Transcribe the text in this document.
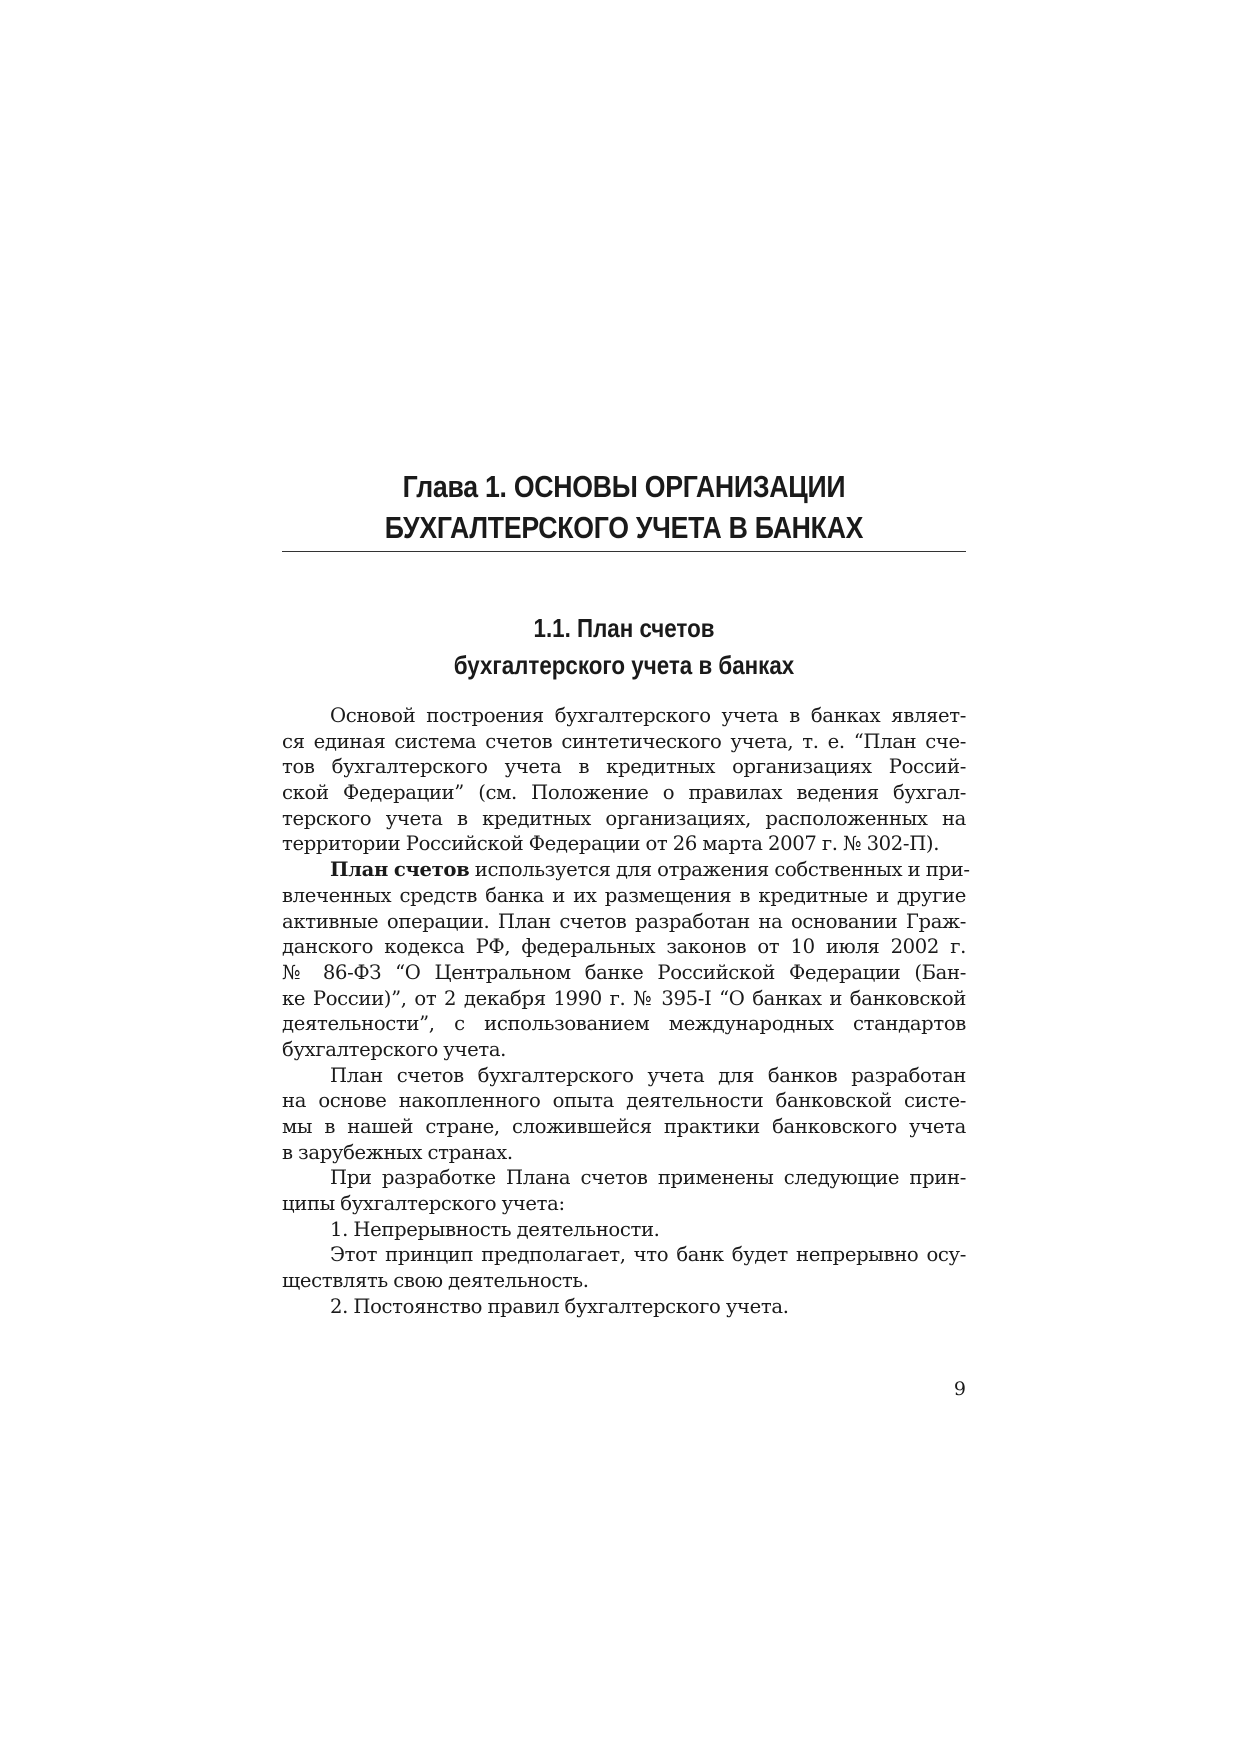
Глава 1. ОСНОВЫ ОРГАНИЗАЦИИ
БУХГАЛТЕРСКОГО УЧЕТА В БАНКАХ
1.1. План счетов
бухгалтерского учета в банках
Основой построения бухгалтерского учета в банках являет-
ся единая система счетов синтетического учета, т. е. “План сче-
тов бухгалтерского учета в кредитных организациях Россий-
ской Федерации” (см. Положение о правилах ведения бухгал-
терского учета в кредитных организациях, расположенных на
территории Российской Федерации от 26 марта 2007 г. № 302-П).
План счетов используется для отражения собственных и при-
влеченных средств банка и их размещения в кредитные и другие
активные операции. План счетов разработан на основании Граж-
данского кодекса РФ, федеральных законов от 10 июля 2002 г.
№ 86-ФЗ “О Центральном банке Российской Федерации (Бан-
ке России)”, от 2 декабря 1990 г. № 395-I “О банках и банковской
деятельности”, с использованием международных стандартов
бухгалтерского учета.
План счетов бухгалтерского учета для банков разработан
на основе накопленного опыта деятельности банковской систе-
мы в нашей стране, сложившейся практики банковского учета
в зарубежных странах.
При разработке Плана счетов применены следующие прин-
ципы бухгалтерского учета:
1. Непрерывность деятельности.
Этот принцип предполагает, что банк будет непрерывно осу-
ществлять свою деятельность.
2. Постоянство правил бухгалтерского учета.
9
